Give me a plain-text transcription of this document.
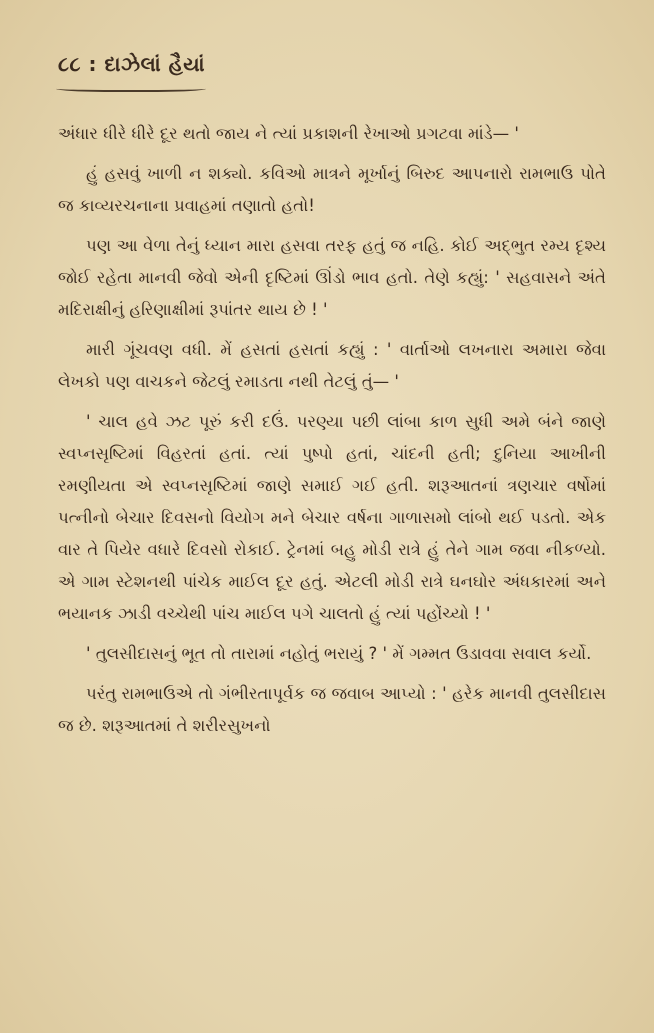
૮૮ : દાઝેલાં હૈયાં

અંધાર ધીરે ધીરે દૂર થતો જાય ને ત્યાં પ્રકાશની રેખાઓ પ્રગટવા માંડે— '

હું હસવું ખાળી ન શક્યો. કવિઓ માત્રને મૂર્ખાનું બિરુદ આપનારો રામભાઉ પોતે જ કાવ્યરચનાના પ્રવાહમાં તણાતો હતો!

પણ આ વેળા તેનું ધ્યાન મારા હસવા તરફ હતું જ નહિ. કોઈ અદ્ભુત રમ્ય દૃશ્ય જોઈ રહેતા માનવી જેવો એની દૃષ્ટિમાં ઊંડો ભાવ હતો. તેણે કહ્યું: ' સહવાસને અંતે મદિરાક્ષીનું હરિણાક્ષીમાં રૂપાંતર થાય છે ! '

મારી ગૂંચવણ વધી. મેં હસતાં હસતાં કહ્યું : ' વાર્તાઓ લખનારા અમારા જેવા લેખકો પણ વાચકને જેટલું રમાડતા નથી તેટલું તું— '

' ચાલ હવે ઝટ પૂરું કરી દઉં. પરણ્યા પછી લાંબા કાળ સુધી અમે બંને જાણે સ્વપ્નસૃષ્ટિમાં વિહરતાં હતાં. ત્યાં પુષ્પો હતાં, ચાંદની હતી; દુનિયા આખીની રમણીયતા એ સ્વપ્નસૃષ્ટિમાં જાણે સમાઈ ગઈ હતી. શરૂઆતનાં ત્રણચાર વર્ષોમાં પત્નીનો બેચાર દિવસનો વિયોગ મને બેચાર વર્ષના ગાળાસમો લાંબો થઈ પડતો. એક વાર તે પિયેર વધારે દિવસો રોકાઈ. ટ્રેનમાં બહુ મોડી રાત્રે હું તેને ગામ જવા નીકળ્યો. એ ગામ સ્ટેશનથી પાંચેક માઈલ દૂર હતું. એટલી મોડી રાત્રે ઘનઘોર અંધકારમાં અને ભયાનક ઝાડી વચ્ચેથી પાંચ માઈલ પગે ચાલતો હું ત્યાં પહોંચ્યો ! '

' તુલસીદાસનું ભૂત તો તારામાં નહોતું ભરાયું ? ' મેં ગમ્મત ઉડાવવા સવાલ કર્યો.

પરંતુ રામભાઉએ તો ગંભીરતાપૂર્વક જ જવાબ આપ્યો : ' હરેક માનવી તુલસીદાસ જ છે. શરૂઆતમાં તે શરીરસુખનો
